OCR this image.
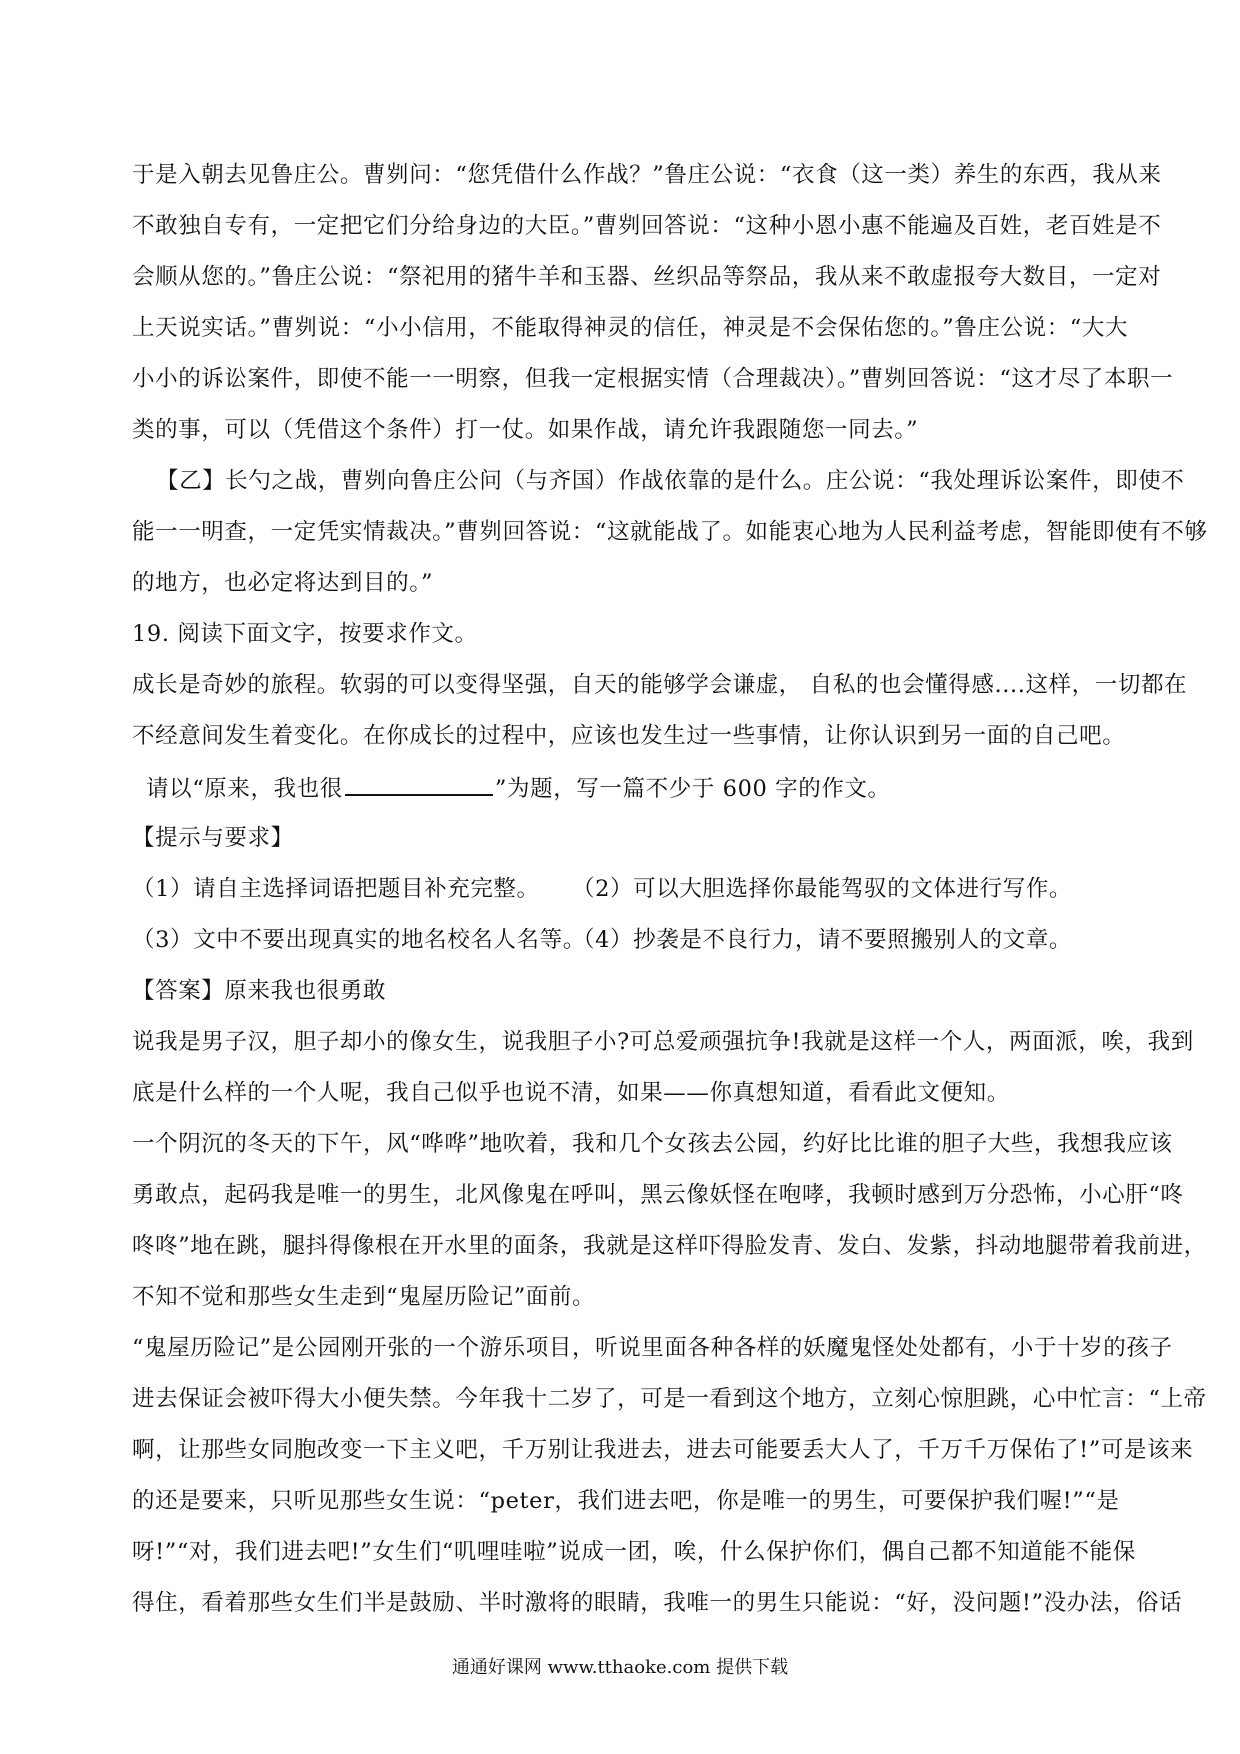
于是入朝去见鲁庄公。曹刿问：“您凭借什么作战？”鲁庄公说：“衣食（这一类）养生的东西，我从来
不敢独自专有，一定把它们分给身边的大臣。”曹刿回答说：“这种小恩小惠不能遍及百姓，老百姓是不
会顺从您的。”鲁庄公说：“祭祀用的猪牛羊和玉器、丝织品等祭品，我从来不敢虚报夸大数目，一定对
上天说实话。”曹刿说：“小小信用，不能取得神灵的信任，神灵是不会保佑您的。”鲁庄公说：“大大
小小的诉讼案件，即使不能一一明察，但我一定根据实情（合理裁决）。”曹刿回答说：“这才尽了本职一
类的事，可以（凭借这个条件）打一仗。如果作战，请允许我跟随您一同去。”
【乙】长勺之战，曹刿向鲁庄公问（与齐国）作战依靠的是什么。庄公说：“我处理诉讼案件，即使不
能一一明查，一定凭实情裁决。”曹刿回答说：“这就能战了。如能衷心地为人民利益考虑，智能即使有不够
的地方，也必定将达到目的。”
19. 阅读下面文字，按要求作文。
成长是奇妙的旅程。软弱的可以变得坚强，自天的能够学会谦虚， 自私的也会懂得感....这样，一切都在
不经意间发生着变化。在你成长的过程中，应该也发生过一些事情，让你认识到另一面的自己吧。
请以“原来，我也很	”为题，写一篇不少于 600 字的作文。
【提示与要求】
（1）请自主选择词语把题目补充完整。 （2）可以大胆选择你最能驾驭的文体进行写作。
（3）文中不要出现真实的地名校名人名等。
（4）抄袭是不良行力，请不要照搬别人的文章。
【答案】原来我也很勇敢
说我是男子汉，胆子却小的像女生，说我胆子小?可总爱顽强抗争!我就是这样一个人，两面派，唉，我到
底是什么样的一个人呢，我自己似乎也说不清，如果——你真想知道，看看此文便知。
一个阴沉的冬天的下午，风“哗哗”地吹着，我和几个女孩去公园，约好比比谁的胆子大些，我想我应该
勇敢点，起码我是唯一的男生，北风像鬼在呼叫，黑云像妖怪在咆哮，我顿时感到万分恐怖，小心肝“咚
咚咚”地在跳，腿抖得像根在开水里的面条，我就是这样吓得脸发青、发白、发紫，抖动地腿带着我前进，
不知不觉和那些女生走到“鬼屋历险记”面前。
“鬼屋历险记”是公园刚开张的一个游乐项目，听说里面各种各样的妖魔鬼怪处处都有，小于十岁的孩子
进去保证会被吓得大小便失禁。今年我十二岁了，可是一看到这个地方，立刻心惊胆跳，心中忙言：“上帝
啊，让那些女同胞改变一下主义吧，千万别让我进去，进去可能要丢大人了，千万千万保佑了!”可是该来
的还是要来，只听见那些女生说：“peter，我们进去吧，你是唯一的男生，可要保护我们喔!”“是
呀!”“对，我们进去吧!”女生们“叽哩哇啦”说成一团，唉，什么保护你们，偶自己都不知道能不能保
得住，看着那些女生们半是鼓励、半时激将的眼睛，我唯一的男生只能说：“好，没问题!”没办法，俗话
通通好课网 www.tthaoke.com 提供下载
